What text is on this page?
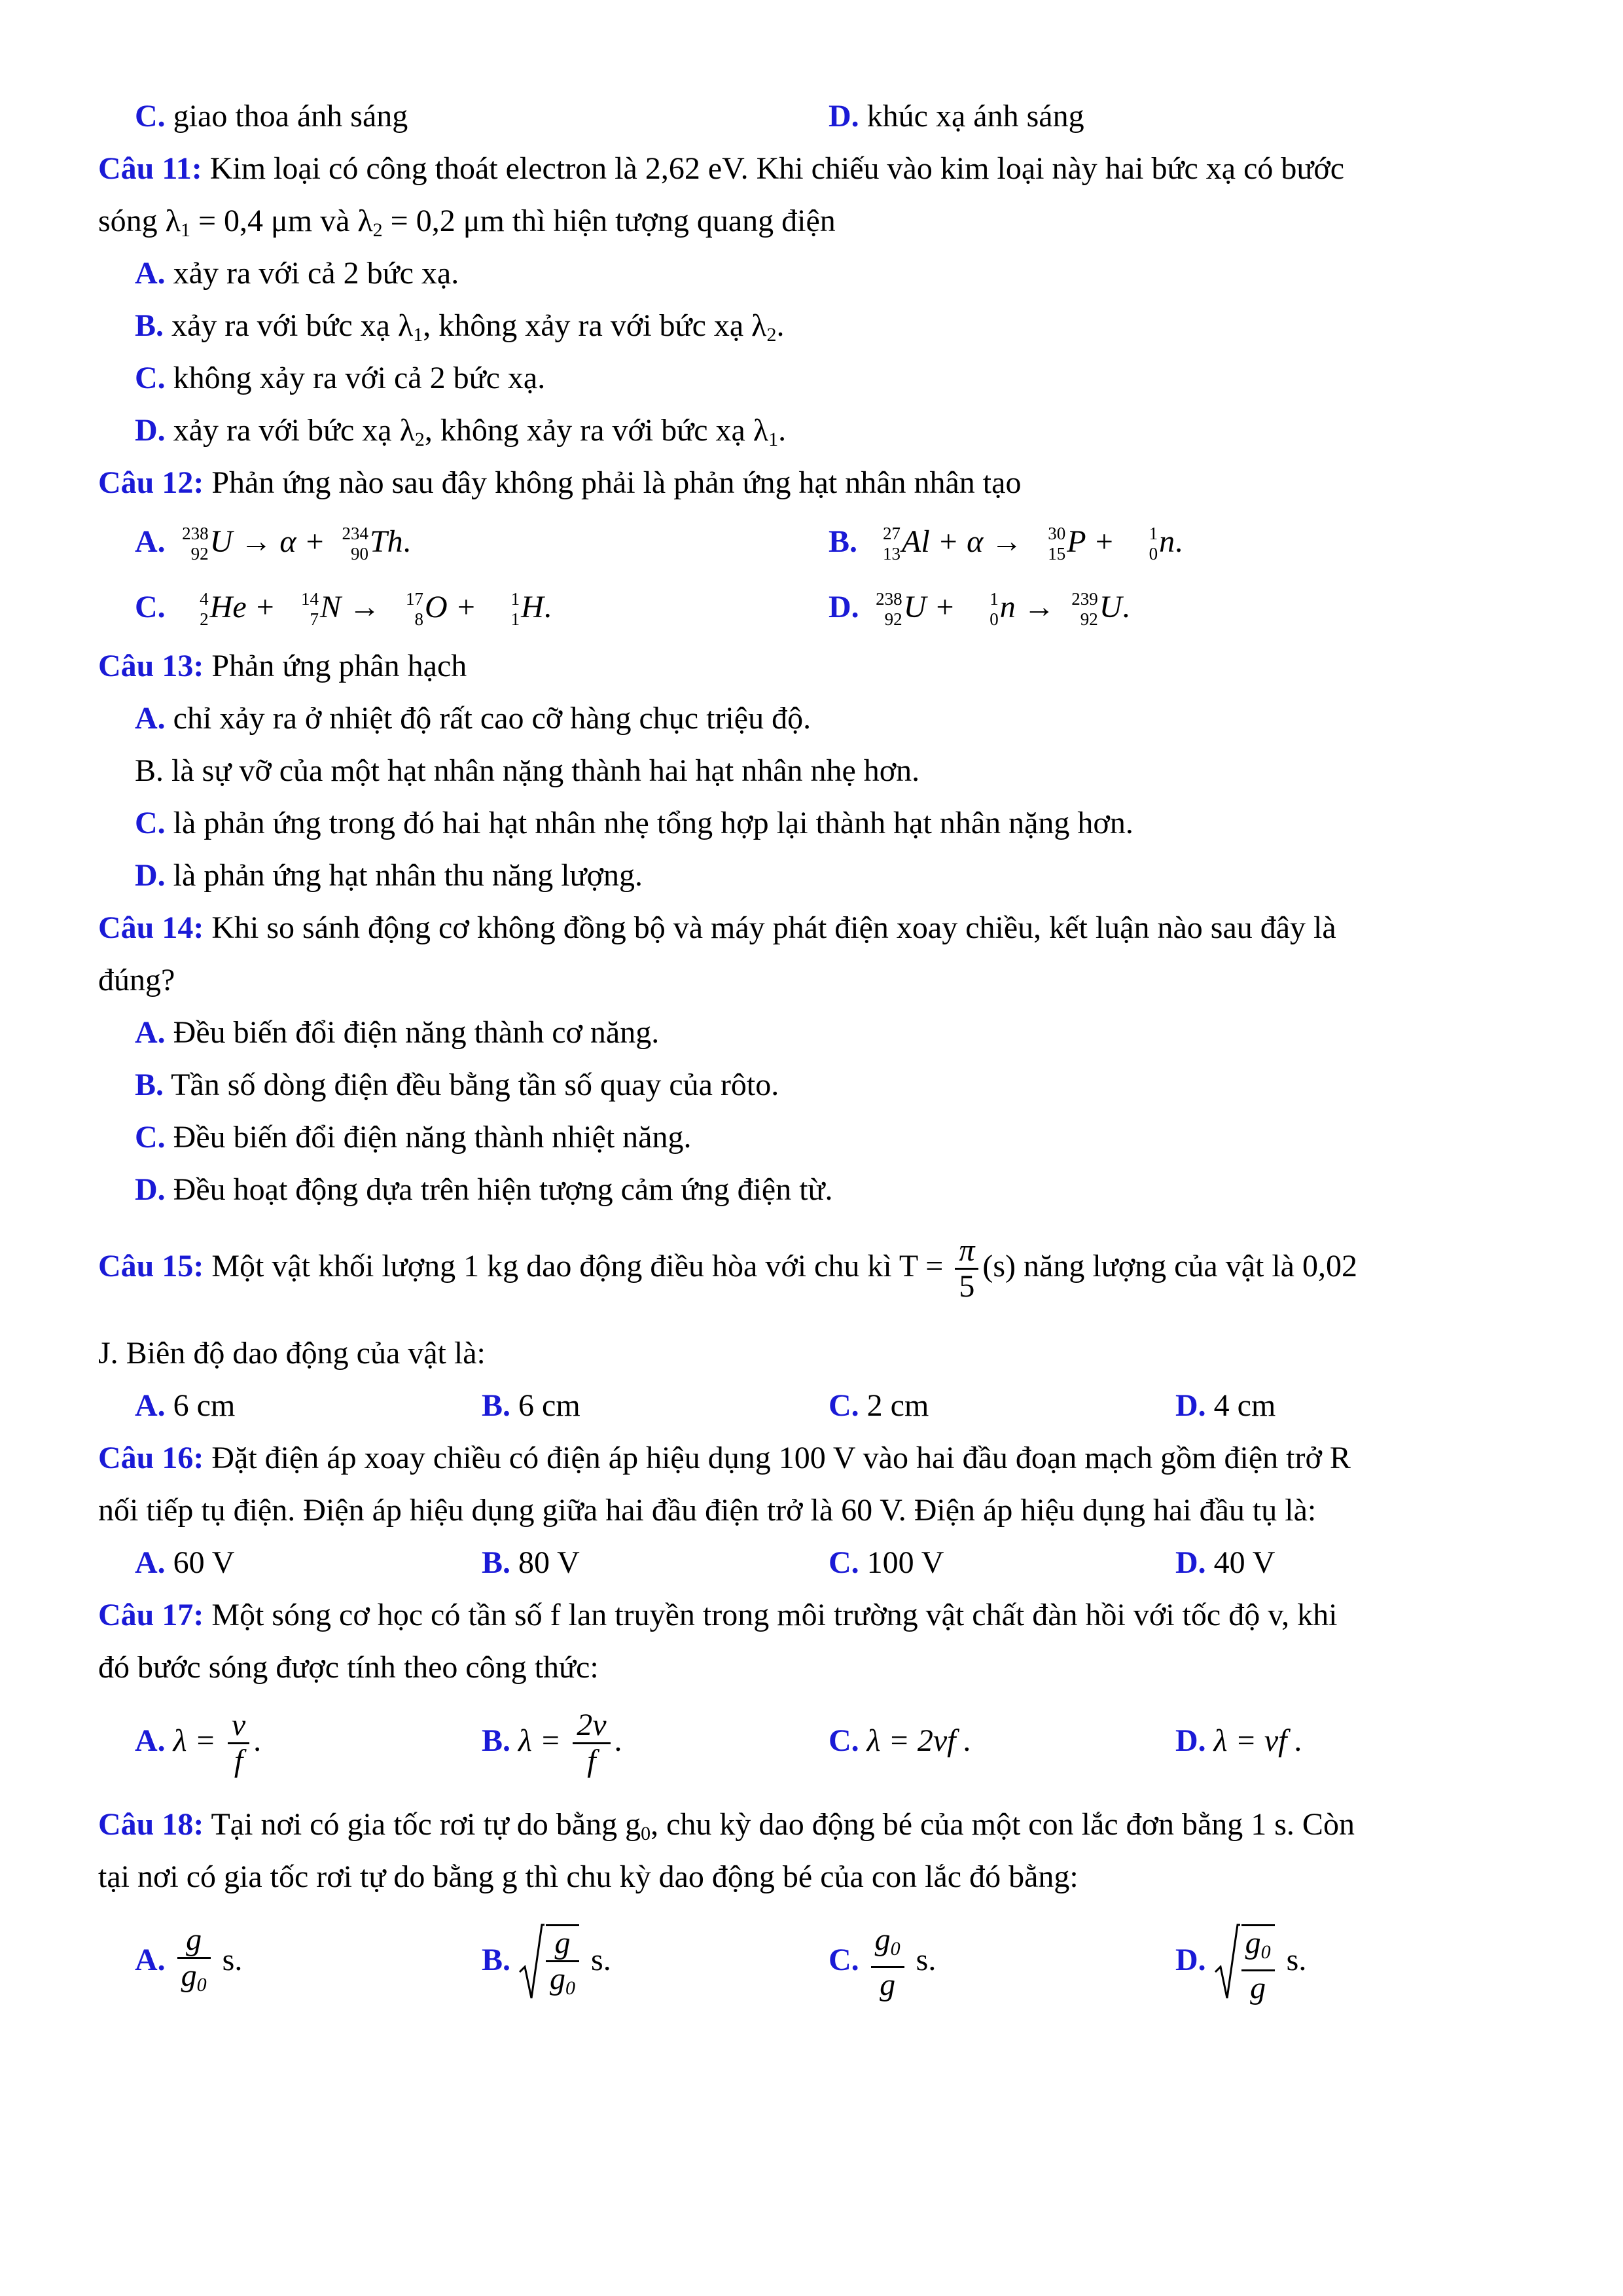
C. giao thoa ánh sáng	D. khúc xạ ánh sáng
Câu 11: Kim loại có công thoát electron là 2,62 eV. Khi chiếu vào kim loại này hai bức xạ có bước
sóng $\lambda_1 = 0,4$ μm và $\lambda_2 = 0,2$ μm thì hiện tượng quang điện
A. xảy ra với cả 2 bức xạ.
B. xảy ra với bức xạ $\lambda_1$, không xảy ra với bức xạ $\lambda_2$.
C. không xảy ra với cả 2 bức xạ.
D. xảy ra với bức xạ $\lambda_2$, không xảy ra với bức xạ $\lambda_1$.
Câu 12: Phản ứng nào sau đây không phải là phản ứng hạt nhân nhân tạo
A. 238
92 U → α + 234
90 Th.	B. 27
13 Al + α → 30
15 P + 1
0 n.
C. 4
2 He + 14
7 N → 17
8 O + 1
1 H.	D. 238
92 U + 1
0 n → 239
92 U.
Câu 13: Phản ứng phân hạch
A. chỉ xảy ra ở nhiệt độ rất cao cỡ hàng chục triệu độ.
B. là sự vỡ của một hạt nhân nặng thành hai hạt nhân nhẹ hơn.
C. là phản ứng trong đó hai hạt nhân nhẹ tổng hợp lại thành hạt nhân nặng hơn.
D. là phản ứng hạt nhân thu năng lượng.
Câu 14: Khi so sánh động cơ không đồng bộ và máy phát điện xoay chiều, kết luận nào sau đây là
đúng?
A. Đều biến đổi điện năng thành cơ năng.
B. Tần số dòng điện đều bằng tần số quay của rôto.
C. Đều biến đổi điện năng thành nhiệt năng.
D. Đều hoạt động dựa trên hiện tượng cảm ứng điện từ.
Câu 15: Một vật khối lượng 1 kg dao động điều hòa với chu kì $T = \frac{\pi}{5} (s)$ năng lượng của vật là 0,02
J. Biên độ dao động của vật là:
A. 6 cm	B. 6 cm	C. 2 cm	D. 4 cm
Câu 16: Đặt điện áp xoay chiều có điện áp hiệu dụng 100 V vào hai đầu đoạn mạch gồm điện trở R
nối tiếp tụ điện. Điện áp hiệu dụng giữa hai đầu điện trở là 60 V. Điện áp hiệu dụng hai đầu tụ là:
A. 60 V	B. 80 V	C. 100 V	D. 40 V
Câu 17: Một sóng cơ học có tần số f lan truyền trong môi trường vật chất đàn hồi với tốc độ v, khi
đó bước sóng được tính theo công thức:
A. $\lambda = \frac{v}{f}$ .	B. $\lambda = \frac{2v}{f}$ .	C. λ = 2vf .	D. λ = vf .
Câu 18: Tại nơi có gia tốc rơi tự do bằng $g_0$, chu kỳ dao động bé của một con lắc đơn bằng 1 s. Còn
tại nơi có gia tốc rơi tự do bằng g thì chu kỳ dao động bé của con lắc đó bằng:
A. $\frac{g}{g_0} s$.	B. $\frac{g}{g_0} s$.	C. $\frac{g_0}{g} s$.	D. $\frac{g_0}{g} s$.
